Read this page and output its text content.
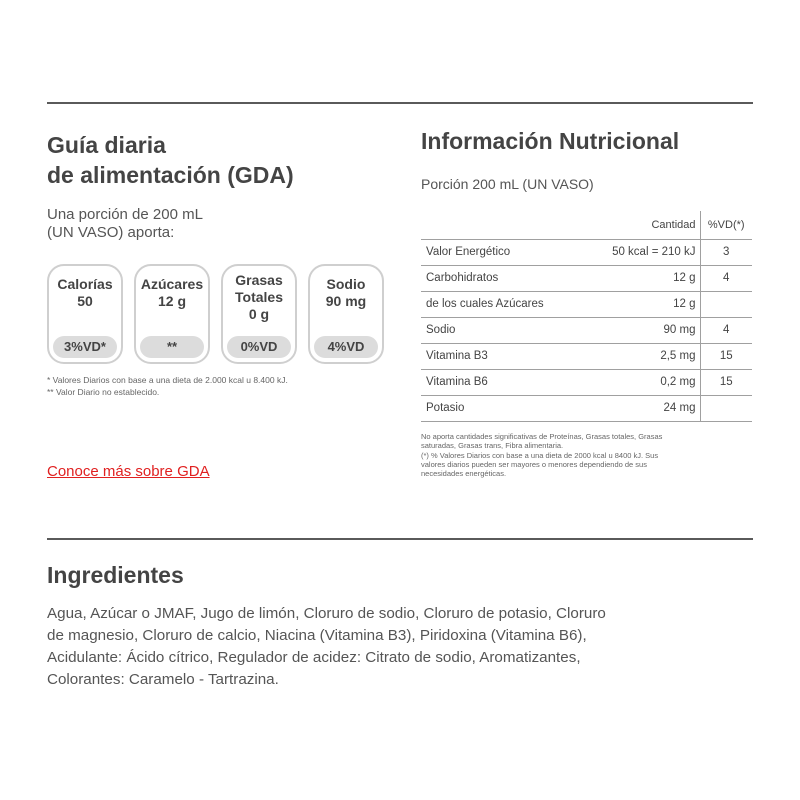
Guía diaria
de alimentación (GDA)
Una porción de 200 mL
(UN VASO) aporta:
Calorías
50
3%VD*
Azúcares
12 g
**
Grasas
Totales
0 g
0%VD
Sodio
90 mg
4%VD
* Valores Diarios con base a una dieta de 2.000 kcal u 8.400 kJ.
** Valor Diario no establecido.
Conoce más sobre GDA
Información Nutricional
Porción 200 mL (UN VASO)
	Cantidad	%VD(*)
Valor Energético	50 kcal = 210 kJ	3
Carbohidratos	12 g	4
de los cuales Azúcares	12 g	
Sodio	90 mg	4
Vitamina B3	2,5 mg	15
Vitamina B6	0,2 mg	15
Potasio	24 mg	
No aporta cantidades significativas de Proteínas, Grasas totales, Grasas
saturadas, Grasas trans, Fibra alimentaria.
(*) % Valores Diarios con base a una dieta de 2000 kcal u 8400 kJ. Sus
valores diarios pueden ser mayores o menores dependiendo de sus
necesidades energéticas.
Ingredientes
Agua, Azúcar o JMAF, Jugo de limón, Cloruro de sodio, Cloruro de potasio, Cloruro
de magnesio, Cloruro de calcio, Niacina (Vitamina B3), Piridoxina (Vitamina B6),
Acidulante: Ácido cítrico, Regulador de acidez: Citrato de sodio, Aromatizantes,
Colorantes: Caramelo - Tartrazina.
